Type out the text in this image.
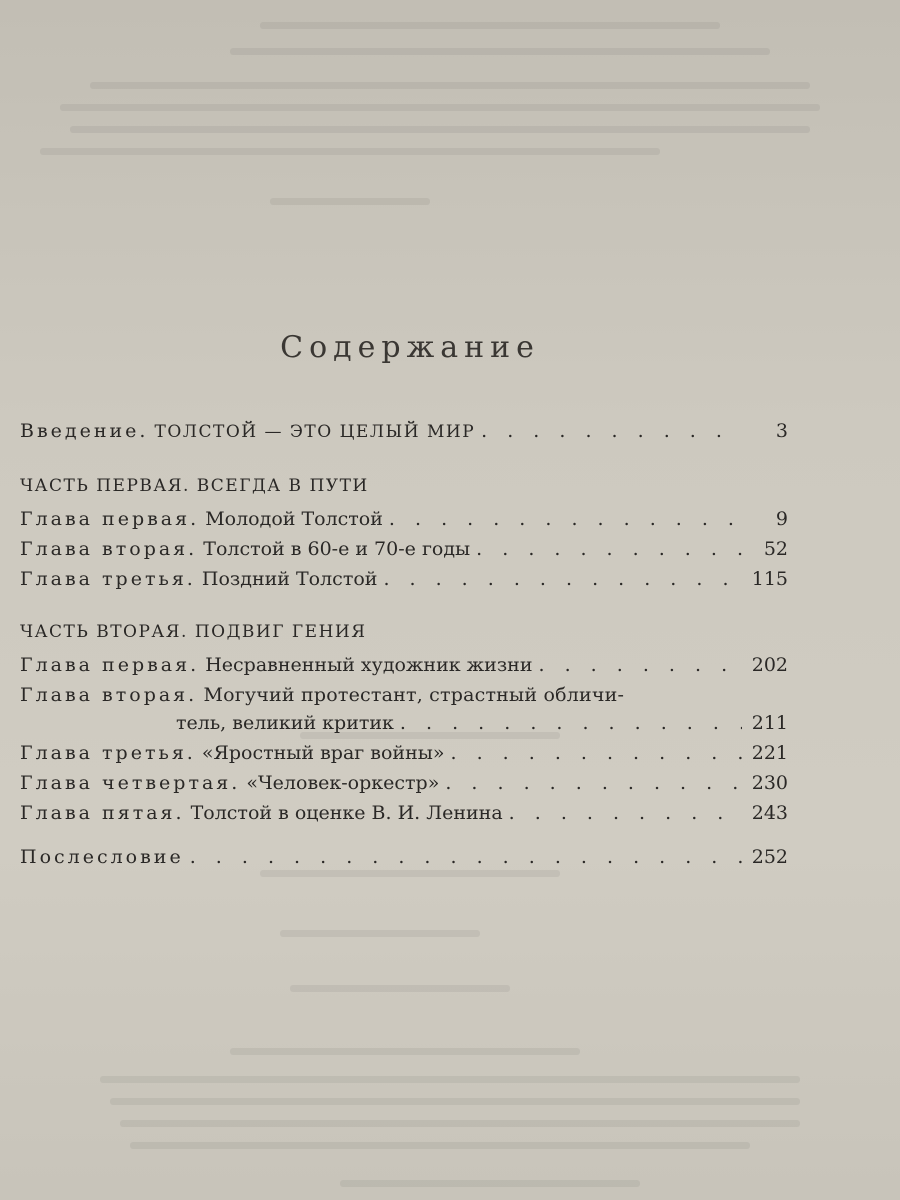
Содержание
Введение. ТОЛСТОЙ — ЭТО ЦЕЛЫЙ МИР . . .	3
ЧАСТЬ ПЕРВАЯ. ВСЕГДА В ПУТИ
Глава первая. Молодой Толстой . . .	9
Глава вторая. Толстой в 60-е и 70-е годы . . .	52
Глава третья. Поздний Толстой . . .	115
ЧАСТЬ ВТОРАЯ. ПОДВИГ ГЕНИЯ
Глава первая. Несравненный художник жизни . . .	202
Глава вторая. Могучий протестант, страстный обличи-
тель, великий критик . . .	211
Глава третья. «Яростный враг войны» . . .	221
Глава четвертая. «Человек-оркестр» . . .	230
Глава пятая. Толстой в оценке В. И. Ленина . . .	243
Послесловие . . .	252
